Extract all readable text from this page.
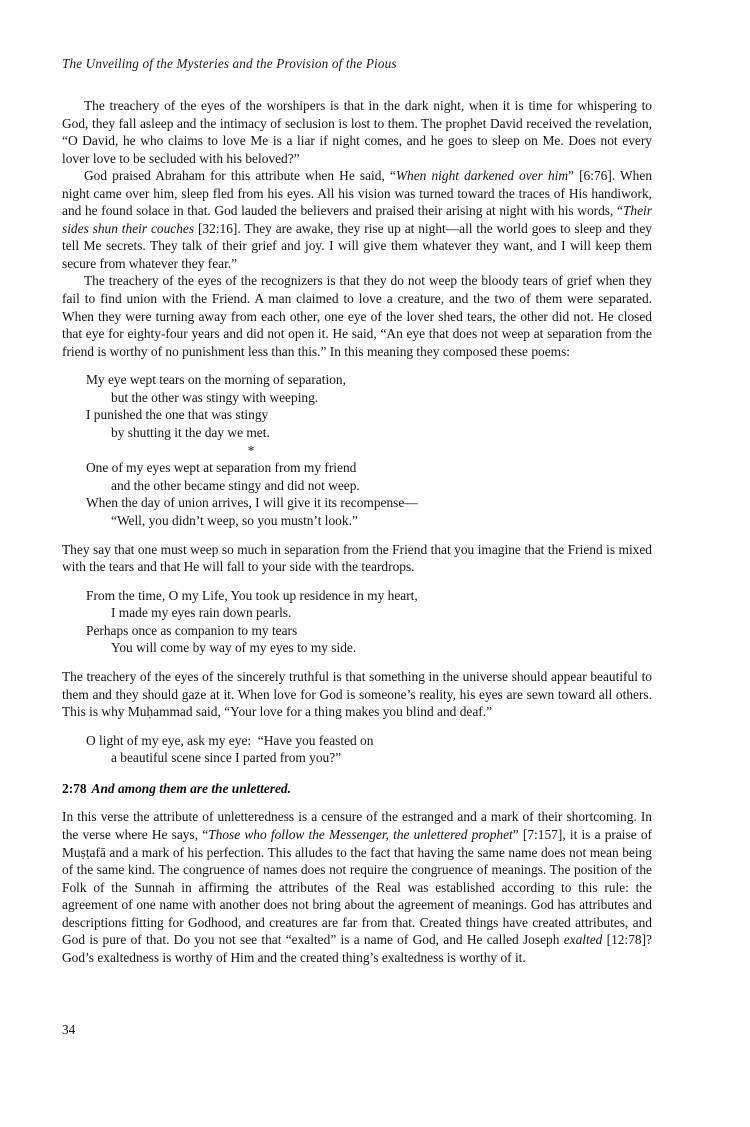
The Unveiling of the Mysteries and the Provision of the Pious

The treachery of the eyes of the worshipers is that in the dark night, when it is time for whispering to God, they fall asleep and the intimacy of seclusion is lost to them. The prophet David received the revelation, “O David, he who claims to love Me is a liar if night comes, and he goes to sleep on Me. Does not every lover love to be secluded with his beloved?”

God praised Abraham for this attribute when He said, “When night darkened over him” [6:76]. When night came over him, sleep fled from his eyes. All his vision was turned toward the traces of His handiwork, and he found solace in that. God lauded the believers and praised their arising at night with his words, “Their sides shun their couches [32:16]. They are awake, they rise up at night—all the world goes to sleep and they tell Me secrets. They talk of their grief and joy. I will give them whatever they want, and I will keep them secure from whatever they fear.”

The treachery of the eyes of the recognizers is that they do not weep the bloody tears of grief when they fail to find union with the Friend. A man claimed to love a creature, and the two of them were separated. When they were turning away from each other, one eye of the lover shed tears, the other did not. He closed that eye for eighty-four years and did not open it. He said, “An eye that does not weep at separation from the friend is worthy of no punishment less than this.” In this meaning they composed these poems:

My eye wept tears on the morning of separation,
but the other was stingy with weeping.
I punished the one that was stingy
by shutting it the day we met.
*
One of my eyes wept at separation from my friend
and the other became stingy and did not weep.
When the day of union arrives, I will give it its recompense—
“Well, you didn’t weep, so you mustn’t look.”

They say that one must weep so much in separation from the Friend that you imagine that the Friend is mixed with the tears and that He will fall to your side with the teardrops.

From the time, O my Life, You took up residence in my heart,
I made my eyes rain down pearls.
Perhaps once as companion to my tears
You will come by way of my eyes to my side.

The treachery of the eyes of the sincerely truthful is that something in the universe should appear beautiful to them and they should gaze at it. When love for God is someone’s reality, his eyes are sewn toward all others. This is why Muḥammad said, “Your love for a thing makes you blind and deaf.”

O light of my eye, ask my eye:  “Have you feasted on
a beautiful scene since I parted from you?”
2:78 And among them are the unlettered.

In this verse the attribute of unletteredness is a censure of the estranged and a mark of their shortcoming. In the verse where He says, “Those who follow the Messenger, the unlettered prophet” [7:157], it is a praise of Muṣṭafā and a mark of his perfection. This alludes to the fact that having the same name does not mean being of the same kind. The congruence of names does not require the congruence of meanings. The position of the Folk of the Sunnah in affirming the attributes of the Real was established according to this rule: the agreement of one name with another does not bring about the agreement of meanings. God has attributes and descriptions fitting for Godhood, and creatures are far from that. Created things have created attributes, and God is pure of that. Do you not see that “exalted” is a name of God, and He called Joseph exalted [12:78]? God’s exaltedness is worthy of Him and the created thing’s exaltedness is worthy of it.

34
